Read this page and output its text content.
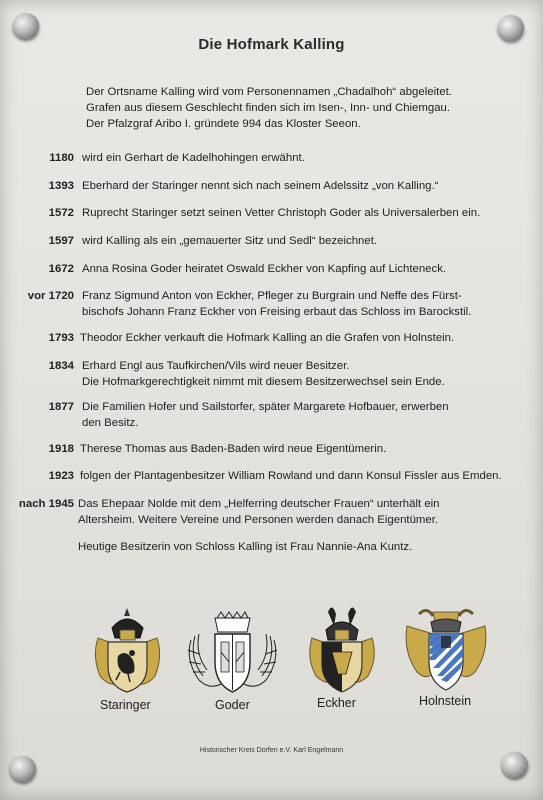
Die Hofmark Kalling
Der Ortsname Kalling wird vom Personennamen „Chadalhoh“ abgeleitet.
Grafen aus diesem Geschlecht finden sich im Isen-, Inn- und Chiemgau.
Der Pfalzgraf Aribo I. gründete 994 das Kloster Seeon.
1180 wird ein Gerhart de Kadelhohingen erwähnt.
1393 Eberhard der Staringer nennt sich nach seinem Adelssitz „von Kalling.“
1572 Ruprecht Staringer setzt seinen Vetter Christoph Goder als Universalerben ein.
1597 wird Kalling als ein „gemauerter Sitz und Sedl“ bezeichnet.
1672 Anna Rosina Goder heiratet Oswald Eckher von Kapfing auf Lichteneck.
vor 1720 Franz Sigmund Anton von Eckher, Pfleger zu Burgrain und Neffe des Fürst-
bischofs Johann Franz Eckher von Freising erbaut das Schloss im Barockstil.
1793 Theodor Eckher verkauft die Hofmark Kalling an die Grafen von Holnstein.
1834 Erhard Engl aus Taufkirchen/Vils wird neuer Besitzer.
Die Hofmarkgerechtigkeit nimmt mit diesem Besitzerwechsel sein Ende.
1877 Die Familien Hofer und Sailstorfer, später Margarete Hofbauer, erwerben
den Besitz.
1918 Therese Thomas aus Baden-Baden wird neue Eigentümerin.
1923 folgen der Plantagenbesitzer William Rowland und dann Konsul Fissler aus Emden.
nach 1945 Das Ehepaar Nolde mit dem „Helferring deutscher Frauen“ unterhält ein
Altersheim. Weitere Vereine und Personen werden danach Eigentümer.
Heutige Besitzerin von Schloss Kalling ist Frau Nannie-Ana Kuntz.
Staringer	Goder	Eckher	Holnstein
Historischer Kreis Dorfen e.V. Karl Engelmann
